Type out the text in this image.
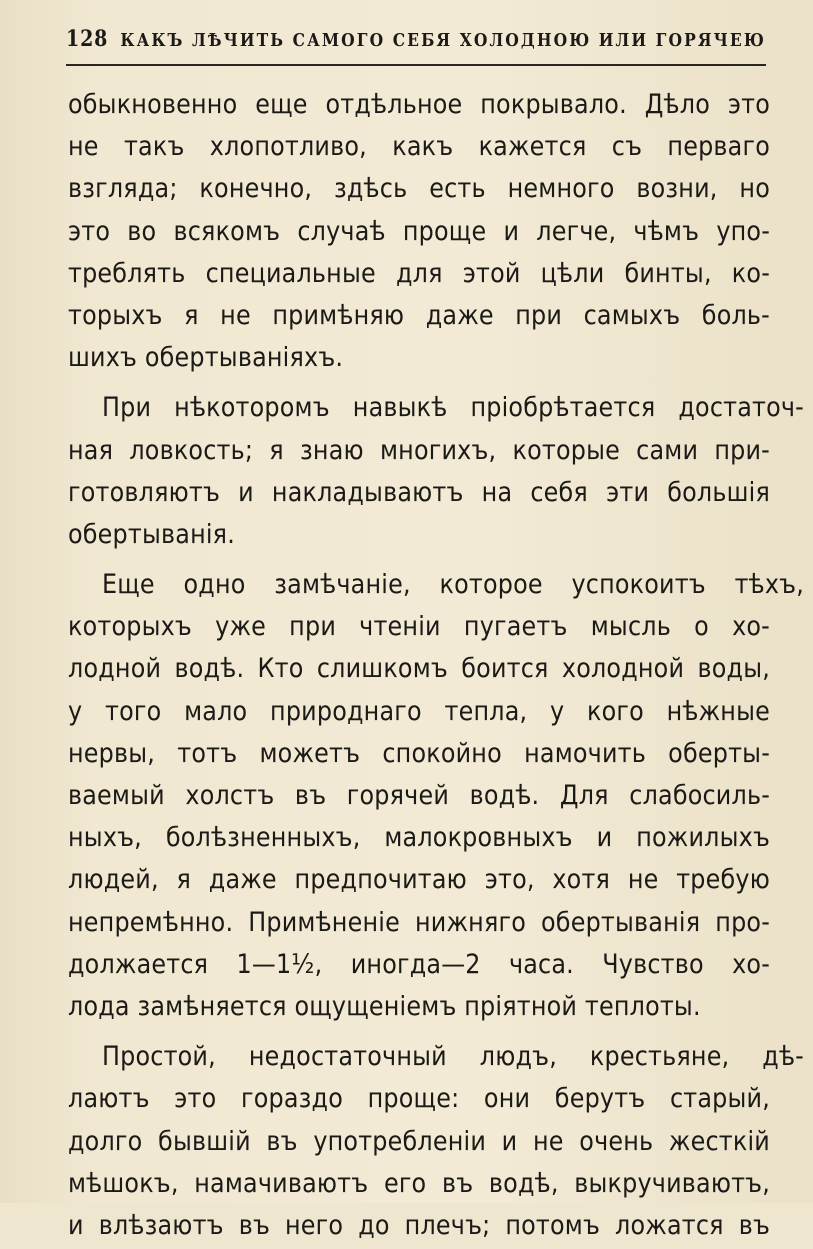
128 КАКЪ ЛѢЧИТЬ САМОГО СЕБЯ ХОЛОДНОЮ ИЛИ ГОРЯЧЕЮ
обыкновенно еще отдѣльное покрывало. Дѣло это
не такъ хлопотливо, какъ кажется съ перваго
взгляда; конечно, здѣсь есть немного возни, но
это во всякомъ случаѣ проще и легче, чѣмъ упо-
треблять специальные для этой цѣли бинты, ко-
торыхъ я не примѣняю даже при самыхъ боль-
шихъ обертываніяхъ.
При нѣкоторомъ навыкѣ пріобрѣтается достаточ-
ная ловкость; я знаю многихъ, которые сами при-
готовляютъ и накладываютъ на себя эти большія
обертыванія.
Еще одно замѣчаніе, которое успокоитъ тѣхъ,
которыхъ уже при чтеніи пугаетъ мысль о хо-
лодной водѣ. Кто слишкомъ боится холодной воды,
у того мало природнаго тепла, у кого нѣжные
нервы, тотъ можетъ спокойно намочить оберты-
ваемый холстъ въ горячей водѣ. Для слабосиль-
ныхъ, болѣзненныхъ, малокровныхъ и пожилыхъ
людей, я даже предпочитаю это, хотя не требую
непремѣнно. Примѣненіе нижняго обертыванія про-
должается 1—1½, иногда—2 часа. Чувство хо-
лода замѣняется ощущеніемъ пріятной теплоты.
Простой, недостаточный людъ, крестьяне, дѣ-
лаютъ это гораздо проще: они берутъ старый,
долго бывшій въ употребленіи и не очень жесткій
мѣшокъ, намачиваютъ его въ водѣ, выкручиваютъ,
и влѣзаютъ въ него до плечъ; потомъ ложатся въ
